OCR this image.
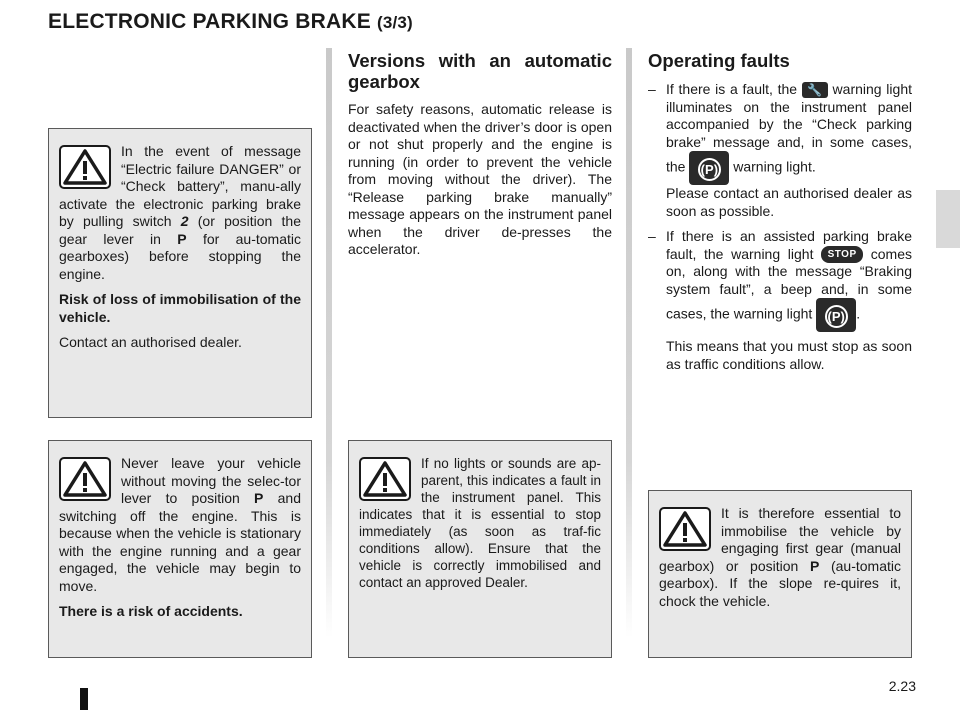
ELECTRONIC PARKING BRAKE (3/3)

In the event of message “Electric failure DANGER” or “Check battery”, manu-ally activate the electronic parking brake by pulling switch 2 (or position the gear lever in P for au-tomatic gearboxes) before stopping the engine.

Risk of loss of immobilisation of the vehicle.

Contact an authorised dealer.

Never leave your vehicle without moving the selec-tor lever to position P and switching off the engine. This is because when the vehicle is stationary with the engine running and a gear engaged, the vehicle may begin to move.

There is a risk of accidents.

Versions with an automatic gearbox

For safety reasons, automatic release is deactivated when the driver’s door is open or not shut properly and the engine is running (in order to prevent the vehicle from moving without the driver). The “Release parking brake manually” message appears on the instrument panel when the driver de-presses the accelerator.

If no lights or sounds are ap-parent, this indicates a fault in the instrument panel. This indicates that it is essential to stop immediately (as soon as traf-fic conditions allow). Ensure that the vehicle is correctly immobilised and contact an approved Dealer.

Operating faults

– If there is a fault, the 🔧 warning light illuminates on the instrument panel accompanied by the “Check parking brake” message and, in some cases, the (P) warning light.

Please contact an authorised dealer as soon as possible.

– If there is an assisted parking brake fault, the warning light STOP comes on, along with the message “Braking system fault”, a beep and, in some cases, the warning light (P) .

This means that you must stop as soon as traffic conditions allow.

It is therefore essential to immobilise the vehicle by engaging first gear (manual gearbox) or position P (au-tomatic gearbox). If the slope re-quires it, chock the vehicle.

2.23
